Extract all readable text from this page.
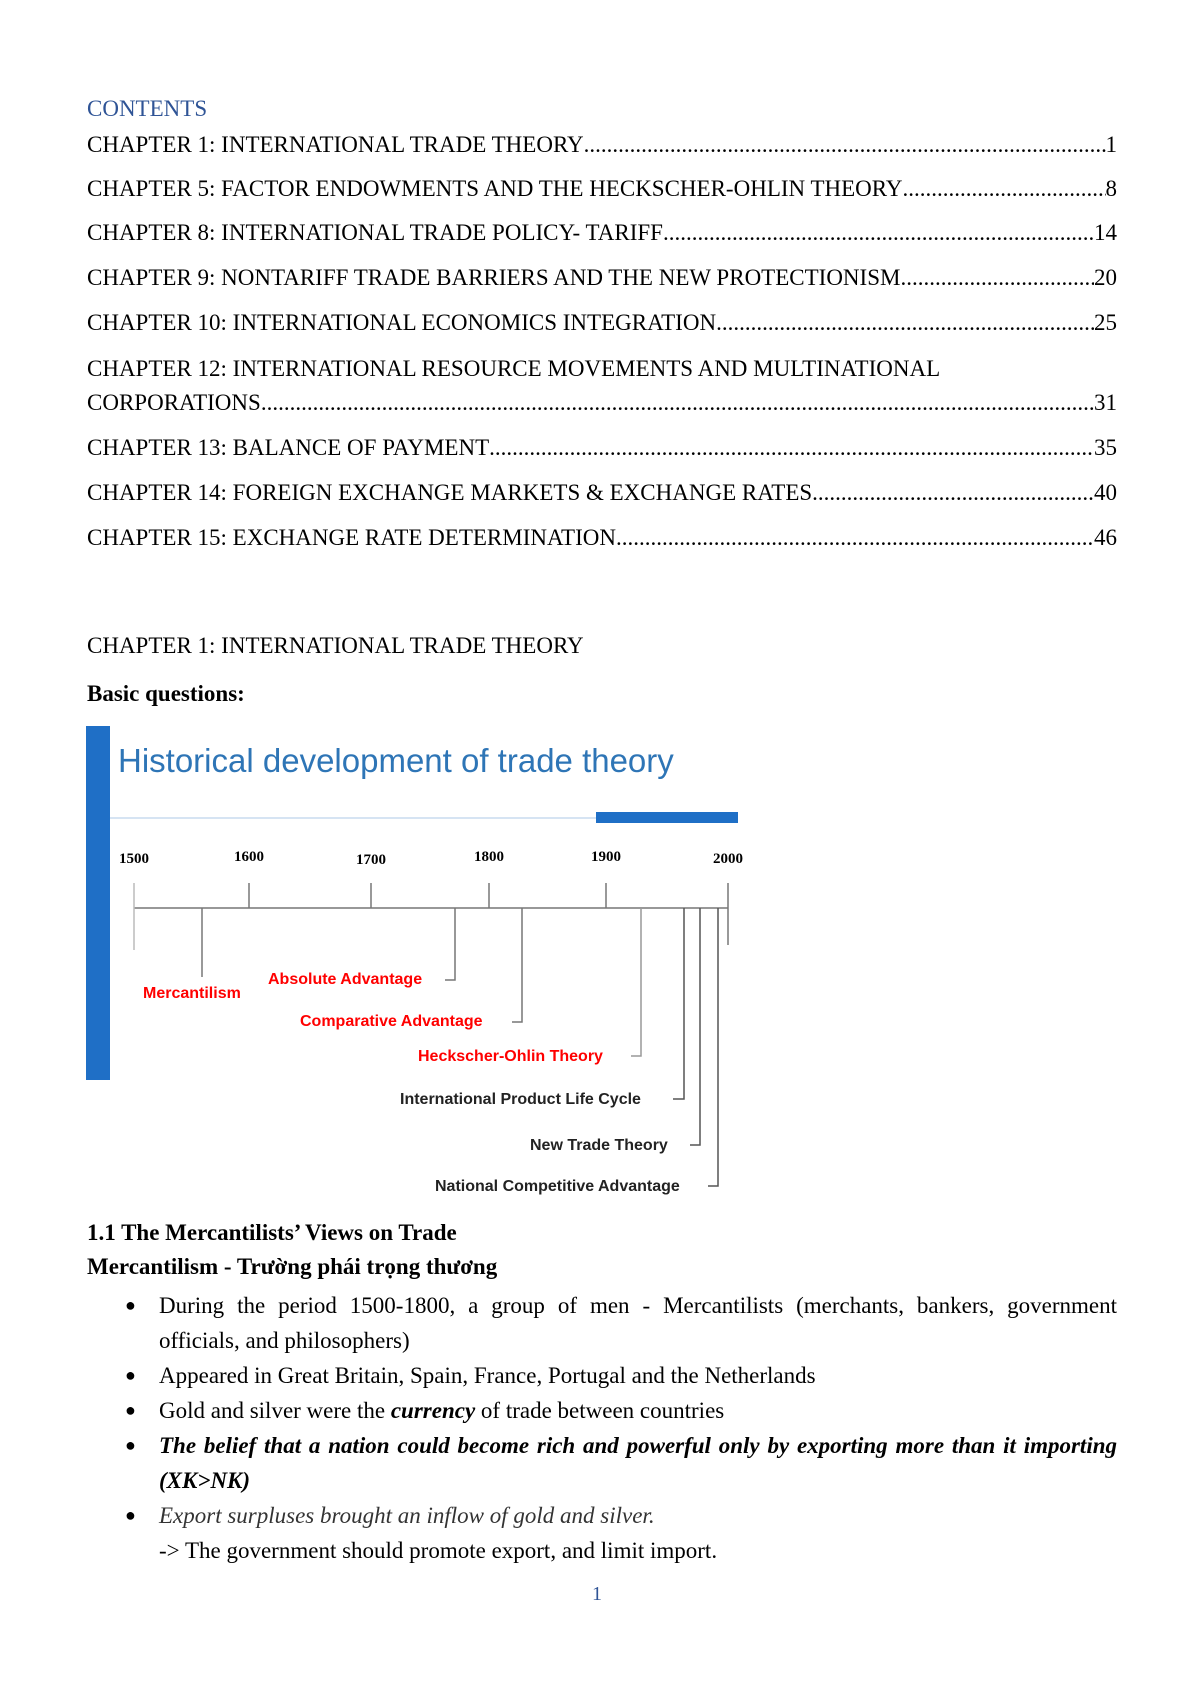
CONTENTS
CHAPTER 1: INTERNATIONAL TRADE THEORY .....	1
CHAPTER 5: FACTOR ENDOWMENTS AND THE HECKSCHER-OHLIN THEORY .....	8
CHAPTER 8: INTERNATIONAL TRADE POLICY- TARIFF .....	14
CHAPTER 9: NONTARIFF TRADE BARRIERS AND THE NEW PROTECTIONISM .....	20
CHAPTER 10: INTERNATIONAL ECONOMICS INTEGRATION .....	25
CHAPTER 12: INTERNATIONAL RESOURCE MOVEMENTS AND MULTINATIONAL
CORPORATIONS .....	31
CHAPTER 13: BALANCE OF PAYMENT .....	35
CHAPTER 14: FOREIGN EXCHANGE MARKETS & EXCHANGE RATES .....	40
CHAPTER 15: EXCHANGE RATE DETERMINATION .....	46
CHAPTER 1: INTERNATIONAL TRADE THEORY
Basic questions:
Historical development of trade theory
1500	1600	1700	1800	1900	2000
Mercantilism
Absolute Advantage
Comparative Advantage
Heckscher-Ohlin Theory
International Product Life Cycle
New Trade Theory
National Competitive Advantage
1.1 The Mercantilists’ Views on Trade
Mercantilism - Trường phái trọng thương
● During the period 1500-1800, a group of men - Mercantilists (merchants, bankers, government officials, and philosophers)
● Appeared in Great Britain, Spain, France, Portugal and the Netherlands
● Gold and silver were the currency of trade between countries
● The belief that a nation could become rich and powerful only by exporting more than it importing (XK>NK)
● Export surpluses brought an inflow of gold and silver.
-> The government should promote export, and limit import.
1
